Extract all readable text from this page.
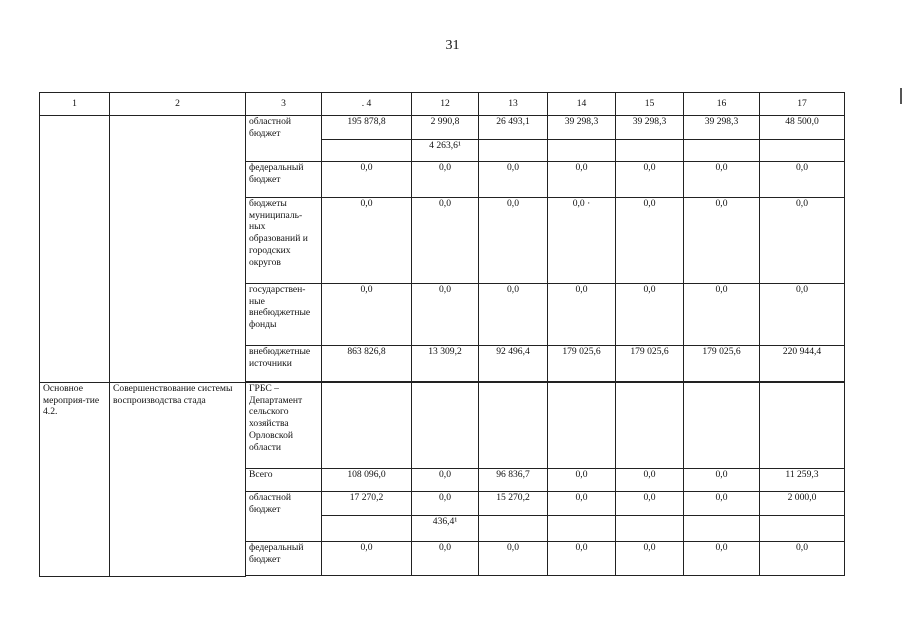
31
1	2	3	. 4	12	13	14	15	16	17
		областной бюджет	195 878,8	2 990,8	26 493,1	39 298,3	39 298,3	39 298,3	48 500,0
				4 263,6¹					
		федеральный бюджет	0,0	0,0	0,0	0,0	0,0	0,0	0,0
		бюджеты муниципаль-ных образований и городских округов	0,0	0,0	0,0	0,0 ·	0,0	0,0	0,0
		государствен-ные внебюджетные фонды	0,0	0,0	0,0	0,0	0,0	0,0	0,0
		внебюджетные источники	863 826,8	13 309,2	92 496,4	179 025,6	179 025,6	179 025,6	220 944,4

Основное мероприя-тие 4.2.	Совершенствование системы воспроизводства стада	ГРБС – Департамент сельского хозяйства Орловской области							
		Всего	108 096,0	0,0	96 836,7	0,0	0,0	0,0	11 259,3
		областной бюджет	17 270,2	0,0	15 270,2	0,0	0,0	0,0	2 000,0
				436,4¹					
		федеральный бюджет	0,0	0,0	0,0	0,0	0,0	0,0	0,0
